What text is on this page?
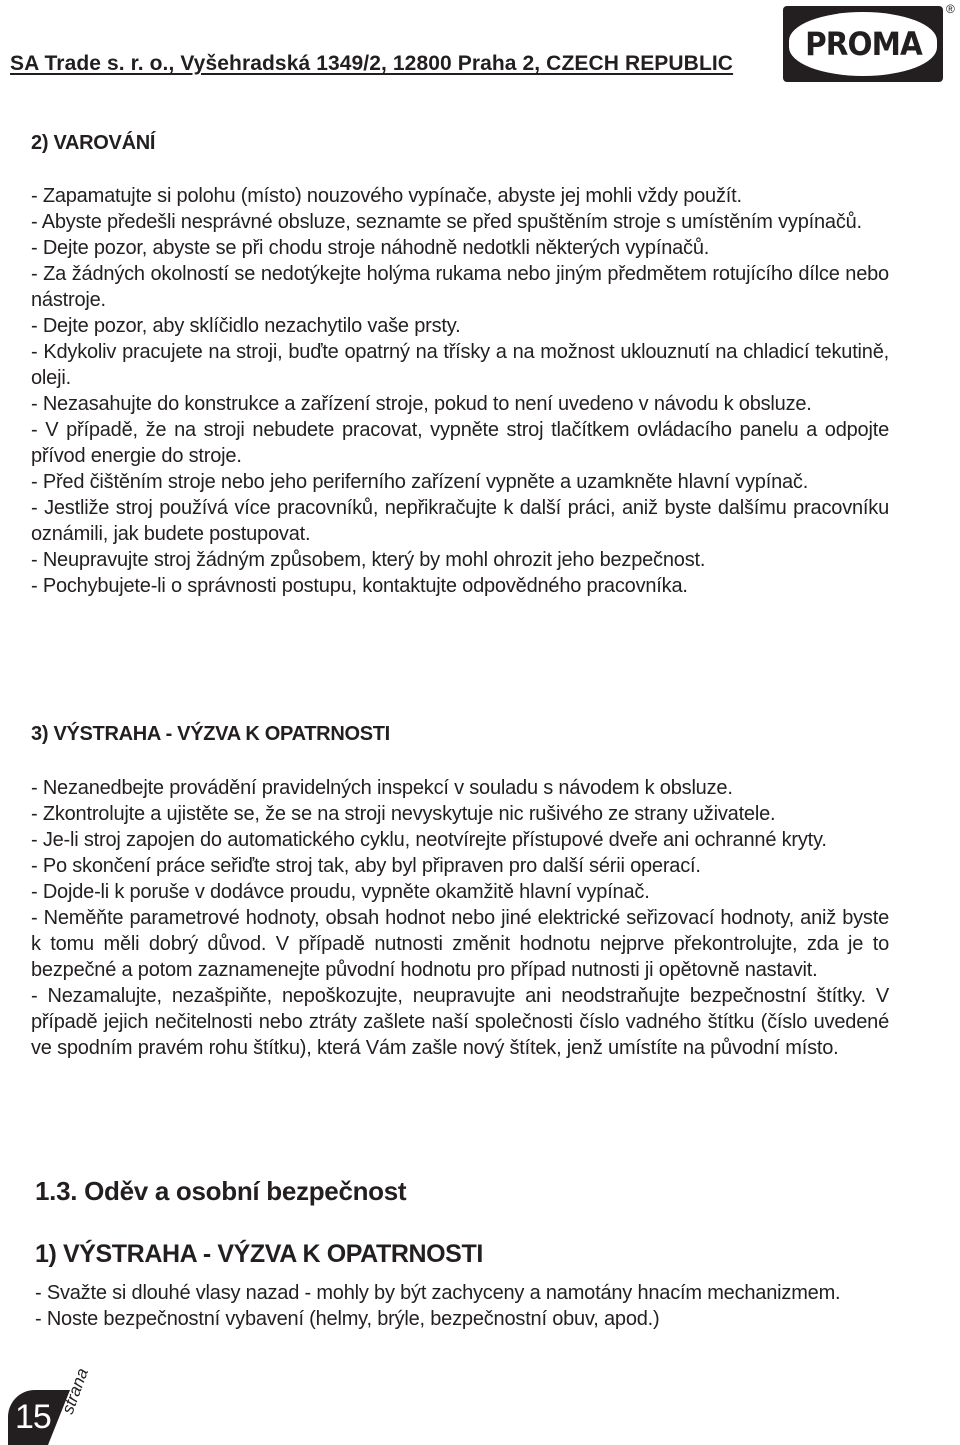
SA Trade s. r. o., Vyšehradská 1349/2, 12800 Praha 2, CZECH REPUBLIC
PROMA
®
2) VAROVÁNÍ

- Zapamatujte si polohu (místo) nouzového vypínače, abyste jej mohli vždy použít.

- Abyste předešli nesprávné obsluze, seznamte se před spuštěním stroje s umístěním vypínačů.

- Dejte pozor, abyste se při chodu stroje náhodně nedotkli některých vypínačů.

- Za žádných okolností se nedotýkejte holýma rukama nebo jiným předmětem rotujícího dílce nebo nástroje.

- Dejte pozor, aby sklíčidlo nezachytilo vaše prsty.

- Kdykoliv pracujete na stroji, buďte opatrný na třísky a na možnost uklouznutí na chladicí tekutině, oleji.

- Nezasahujte do konstrukce a zařízení stroje, pokud to není uvedeno v návodu k obsluze.

- V případě, že na stroji nebudete pracovat, vypněte stroj tlačítkem ovládacího panelu a odpojte přívod energie do stroje.

- Před čištěním stroje nebo jeho periferního zařízení vypněte a uzamkněte hlavní vypínač.

- Jestliže stroj používá více pracovníků, nepřikračujte k další práci, aniž byste dalšímu pracovníku oznámili, jak budete postupovat.

- Neupravujte stroj žádným způsobem, který by mohl ohrozit jeho bezpečnost.

- Pochybujete-li o správnosti postupu, kontaktujte odpovědného pracovníka.

3) VÝSTRAHA - VÝZVA K OPATRNOSTI

- Nezanedbejte provádění pravidelných inspekcí v souladu s návodem k obsluze.

- Zkontrolujte a ujistěte se, že se na stroji nevyskytuje nic rušivého ze strany uživatele.

- Je-li stroj zapojen do automatického cyklu, neotvírejte přístupové dveře ani ochranné kryty.

- Po skončení práce seřiďte stroj tak, aby byl připraven pro další sérii operací.

- Dojde-li k poruše v dodávce proudu, vypněte okamžitě hlavní vypínač.

- Neměňte parametrové hodnoty, obsah hodnot nebo jiné elektrické seřizovací hodnoty, aniž byste k tomu měli dobrý důvod. V případě nutnosti změnit hodnotu nejprve překontrolujte, zda je to bezpečné a potom zaznamenejte původní hodnotu pro případ nutnosti ji opětovně nastavit.

- Nezamalujte, nezašpiňte, nepoškozujte, neupravujte ani neodstraňujte bezpečnostní štítky. V případě jejich nečitelnosti nebo ztráty zašlete naší společnosti číslo vadného štítku (číslo uvedené ve spodním pravém rohu štítku), která Vám zašle nový štítek, jenž umístíte na původní místo.

1.3. Oděv a osobní bezpečnost
1) VÝSTRAHA - VÝZVA K OPATRNOSTI

- Svažte si dlouhé vlasy nazad - mohly by být zachyceny a namotány hnacím mechanizmem.

- Noste bezpečnostní vybavení (helmy, brýle, bezpečnostní obuv, apod.)

15
strana
